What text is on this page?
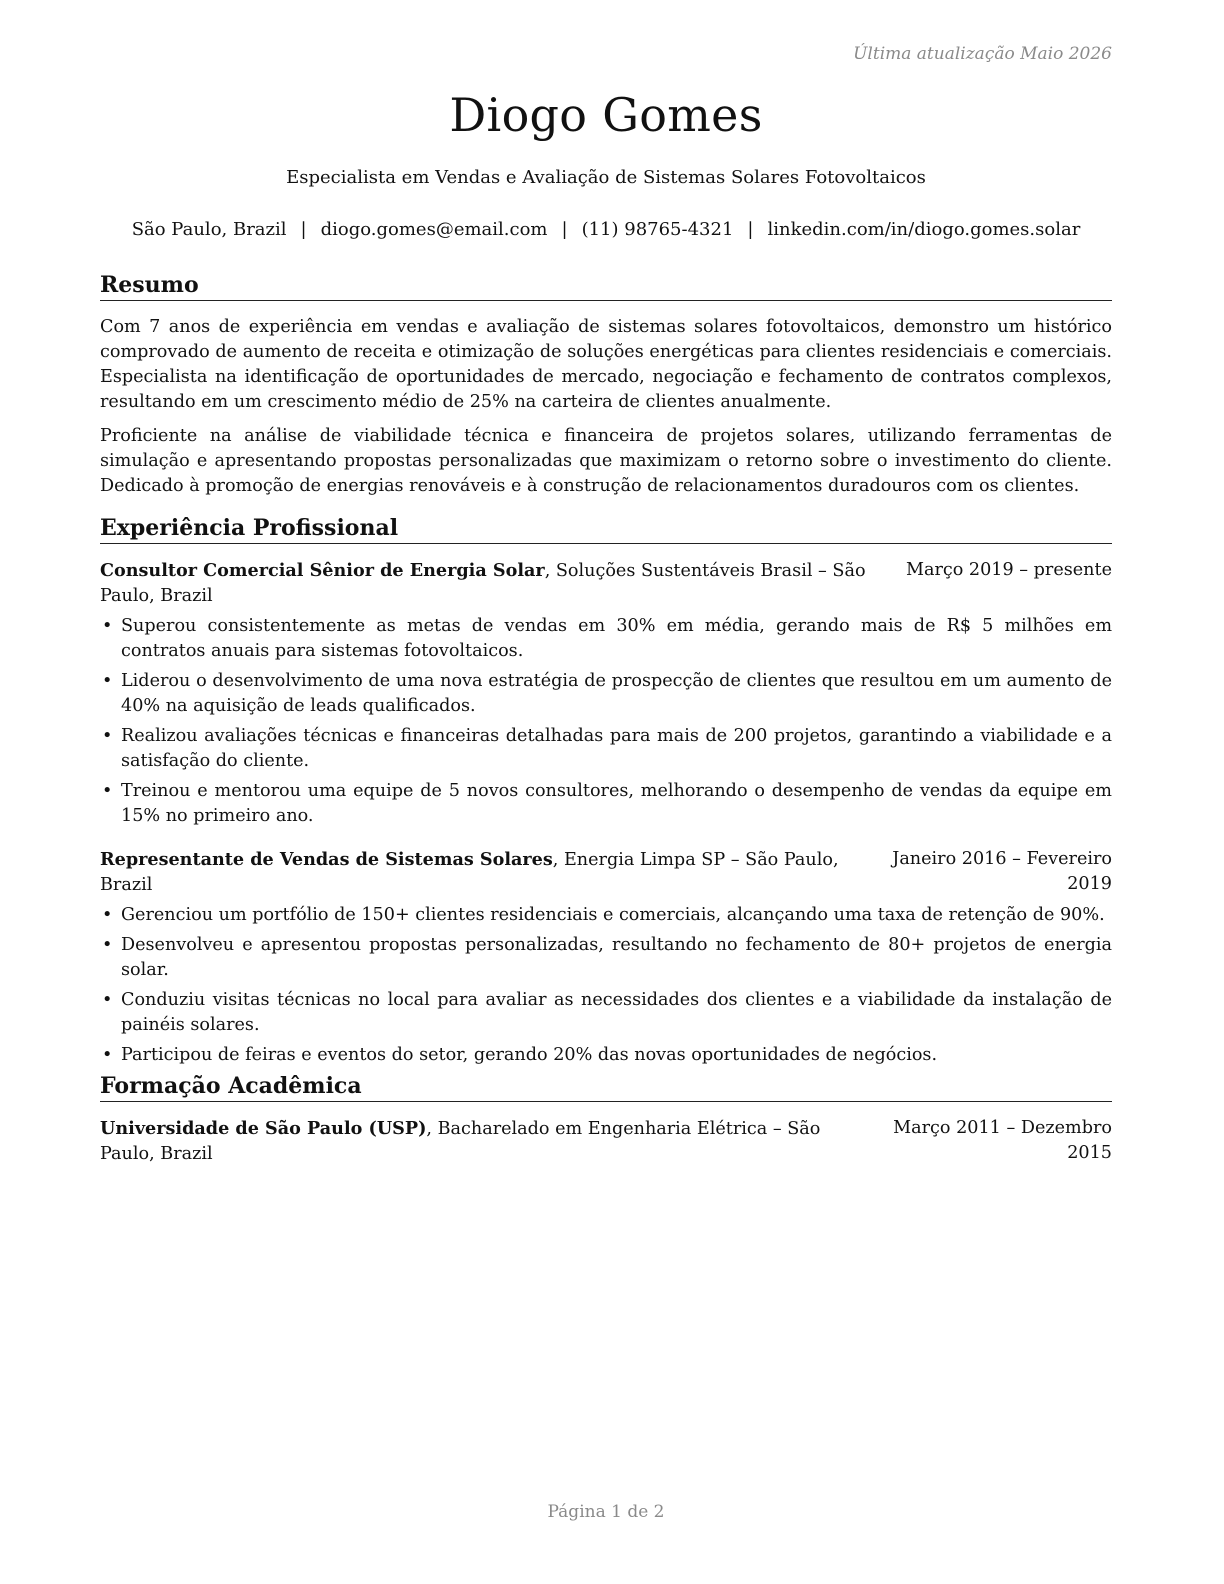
Última atualização Maio 2026
Diogo Gomes
Especialista em Vendas e Avaliação de Sistemas Solares Fotovoltaicos
São Paulo, Brazil | diogo.gomes@email.com | (11) 98765-4321 | linkedin.com/in/diogo.gomes.solar
Resumo

Com 7 anos de experiência em vendas e avaliação de sistemas solares fotovoltaicos, demonstro um histórico comprovado de aumento de receita e otimização de soluções energéticas para clientes residenciais e comerciais. Especialista na identificação de oportunidades de mercado, negociação e fechamento de contratos complexos, resultando em um crescimento médio de 25% na carteira de clientes anualmente.

Proficiente na análise de viabilidade técnica e financeira de projetos solares, utilizando ferramentas de simulação e apresentando propostas personalizadas que maximizam o retorno sobre o investimento do cliente. Dedicado à promoção de energias renováveis e à construção de relacionamentos duradouros com os clientes.

Experiência Profissional
Consultor Comercial Sênior de Energia Solar, Soluções Sustentáveis Brasil – São Paulo, Brazil
Março 2019 – presente
• Superou consistentemente as metas de vendas em 30% em média, gerando mais de R$ 5 milhões em contratos anuais para sistemas fotovoltaicos.
• Liderou o desenvolvimento de uma nova estratégia de prospecção de clientes que resultou em um aumento de 40% na aquisição de leads qualificados.
• Realizou avaliações técnicas e financeiras detalhadas para mais de 200 projetos, garantindo a viabilidade e a satisfação do cliente.
• Treinou e mentorou uma equipe de 5 novos consultores, melhorando o desempenho de vendas da equipe em 15% no primeiro ano.
Representante de Vendas de Sistemas Solares, Energia Limpa SP – São Paulo, Brazil
Janeiro 2016 – Fevereiro 2019
• Gerenciou um portfólio de 150+ clientes residenciais e comerciais, alcançando uma taxa de retenção de 90%.
• Desenvolveu e apresentou propostas personalizadas, resultando no fechamento de 80+ projetos de energia solar.
• Conduziu visitas técnicas no local para avaliar as necessidades dos clientes e a viabilidade da instalação de painéis solares.
• Participou de feiras e eventos do setor, gerando 20% das novas oportunidades de negócios.
Formação Acadêmica
Universidade de São Paulo (USP), Bacharelado em Engenharia Elétrica – São Paulo, Brazil
Março 2011 – Dezembro 2015
Página 1 de 2
